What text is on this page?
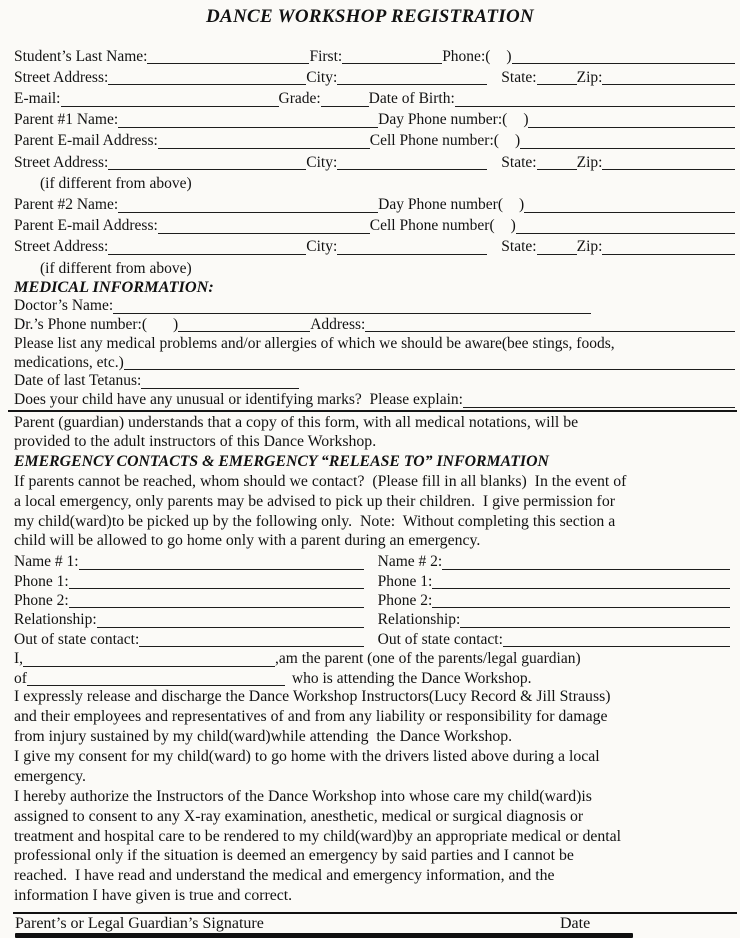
DANCE WORKSHOP REGISTRATION
Student’s Last Name:	First:	Phone:( )
Street Address:	City:	State:	Zip:
E-mail:	Grade:	Date of Birth:
Parent #1 Name:	Day Phone number:( )
Parent E-mail Address:	Cell Phone number:( )
Street Address:	City:	State:	Zip:
(if different from above)
Parent #2 Name:	Day Phone number( )
Parent E-mail Address:	Cell Phone number( )
Street Address:	City:	State:	Zip:
(if different from above)
MEDICAL INFORMATION:
Doctor’s Name:
Dr.’s Phone number:( )	Address:
Please list any medical problems and/or allergies of which we should be aware(bee stings, foods,
medications, etc.)
Date of last Tetanus:
Does your child have any unusual or identifying marks?  Please explain:
Parent (guardian) understands that a copy of this form, with all medical notations, will be
provided to the adult instructors of this Dance Workshop.
EMERGENCY CONTACTS & EMERGENCY “RELEASE TO” INFORMATION
If parents cannot be reached, whom should we contact?  (Please fill in all blanks)  In the event of
a local emergency, only parents may be advised to pick up their children.  I give permission for
my child(ward)to be picked up by the following only.  Note:  Without completing this section a
child will be allowed to go home only with a parent during an emergency.
Name # 1:	Name # 2:
Phone 1:	Phone 1:
Phone 2:	Phone 2:
Relationship:	Relationship:
Out of state contact:	Out of state contact:
I,	,am the parent (one of the parents/legal guardian)
of	who is attending the Dance Workshop.
I expressly release and discharge the Dance Workshop Instructors(Lucy Record & Jill Strauss)
and their employees and representatives of and from any liability or responsibility for damage
from injury sustained by my child(ward)while attending  the Dance Workshop.
I give my consent for my child(ward) to go home with the drivers listed above during a local
emergency.
I hereby authorize the Instructors of the Dance Workshop into whose care my child(ward)is
assigned to consent to any X-ray examination, anesthetic, medical or surgical diagnosis or
treatment and hospital care to be rendered to my child(ward)by an appropriate medical or dental
professional only if the situation is deemed an emergency by said parties and I cannot be
reached.  I have read and understand the medical and emergency information, and the
information I have given is true and correct.
Parent’s or Legal Guardian’s Signature	Date
